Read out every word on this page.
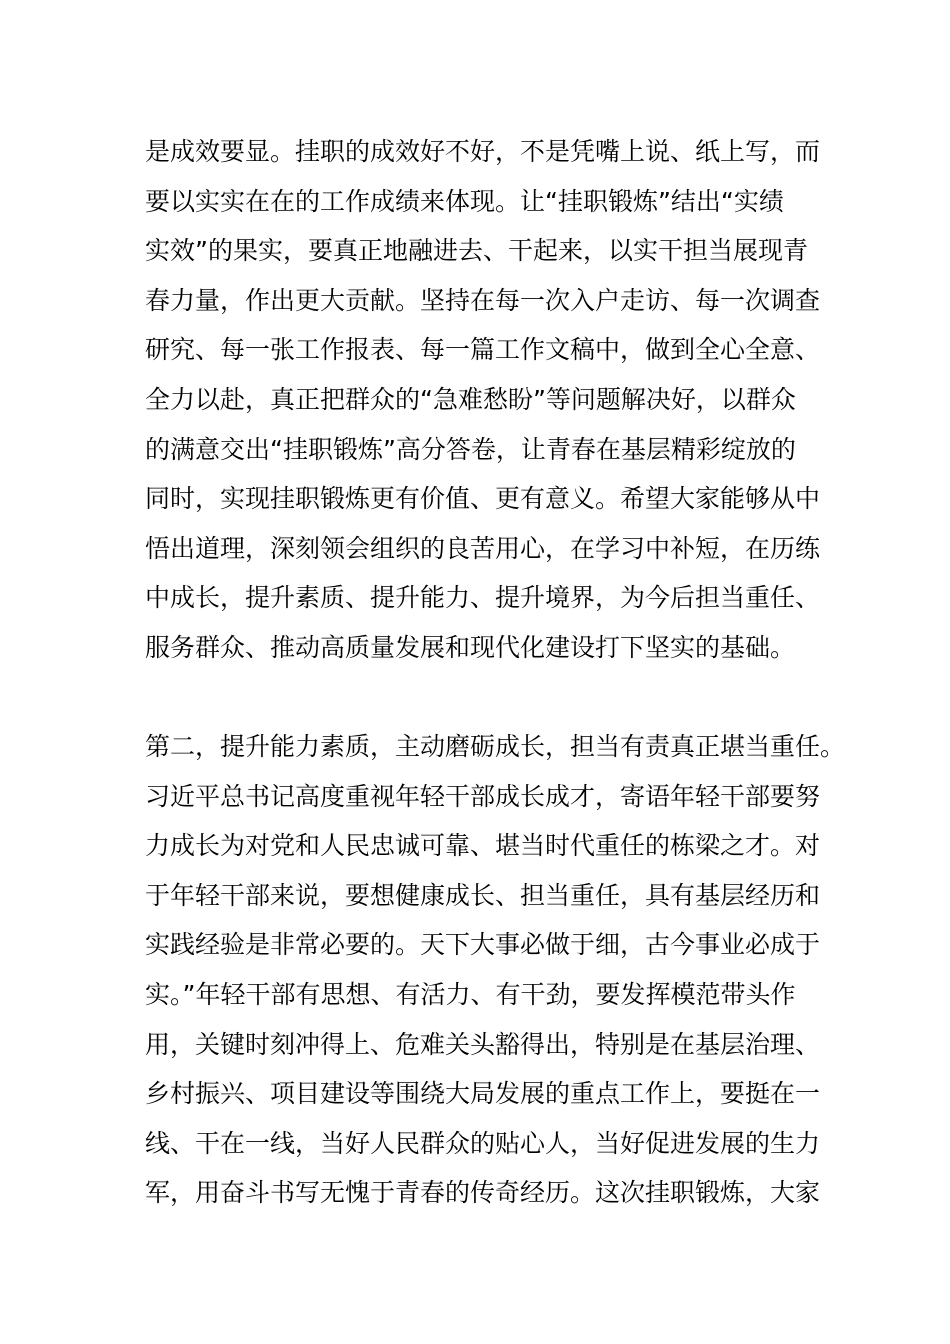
是成效要显。挂职的成效好不好，不是凭嘴上说、纸上写，而
要以实实在在的工作成绩来体现。让“挂职锻炼”结出“实绩
实效”的果实，要真正地融进去、干起来，以实干担当展现青
春力量，作出更大贡献。坚持在每一次入户走访、每一次调查
研究、每一张工作报表、每一篇工作文稿中，做到全心全意、
全力以赴，真正把群众的“急难愁盼”等问题解决好，以群众
的满意交出“挂职锻炼”高分答卷，让青春在基层精彩绽放的
同时，实现挂职锻炼更有价值、更有意义。希望大家能够从中
悟出道理，深刻领会组织的良苦用心，在学习中补短，在历练
中成长，提升素质、提升能力、提升境界，为今后担当重任、
服务群众、推动高质量发展和现代化建设打下坚实的基础。
第二，提升能力素质，主动磨砺成长，担当有责真正堪当重任。
习近平总书记高度重视年轻干部成长成才，寄语年轻干部要努
力成长为对党和人民忠诚可靠、堪当时代重任的栋梁之才。对
于年轻干部来说，要想健康成长、担当重任，具有基层经历和
实践经验是非常必要的。天下大事必做于细，古今事业必成于
实。”年轻干部有思想、有活力、有干劲，要发挥模范带头作
用，关键时刻冲得上、危难关头豁得出，特别是在基层治理、
乡村振兴、项目建设等围绕大局发展的重点工作上，要挺在一
线、干在一线，当好人民群众的贴心人，当好促进发展的生力
军，用奋斗书写无愧于青春的传奇经历。这次挂职锻炼，大家
